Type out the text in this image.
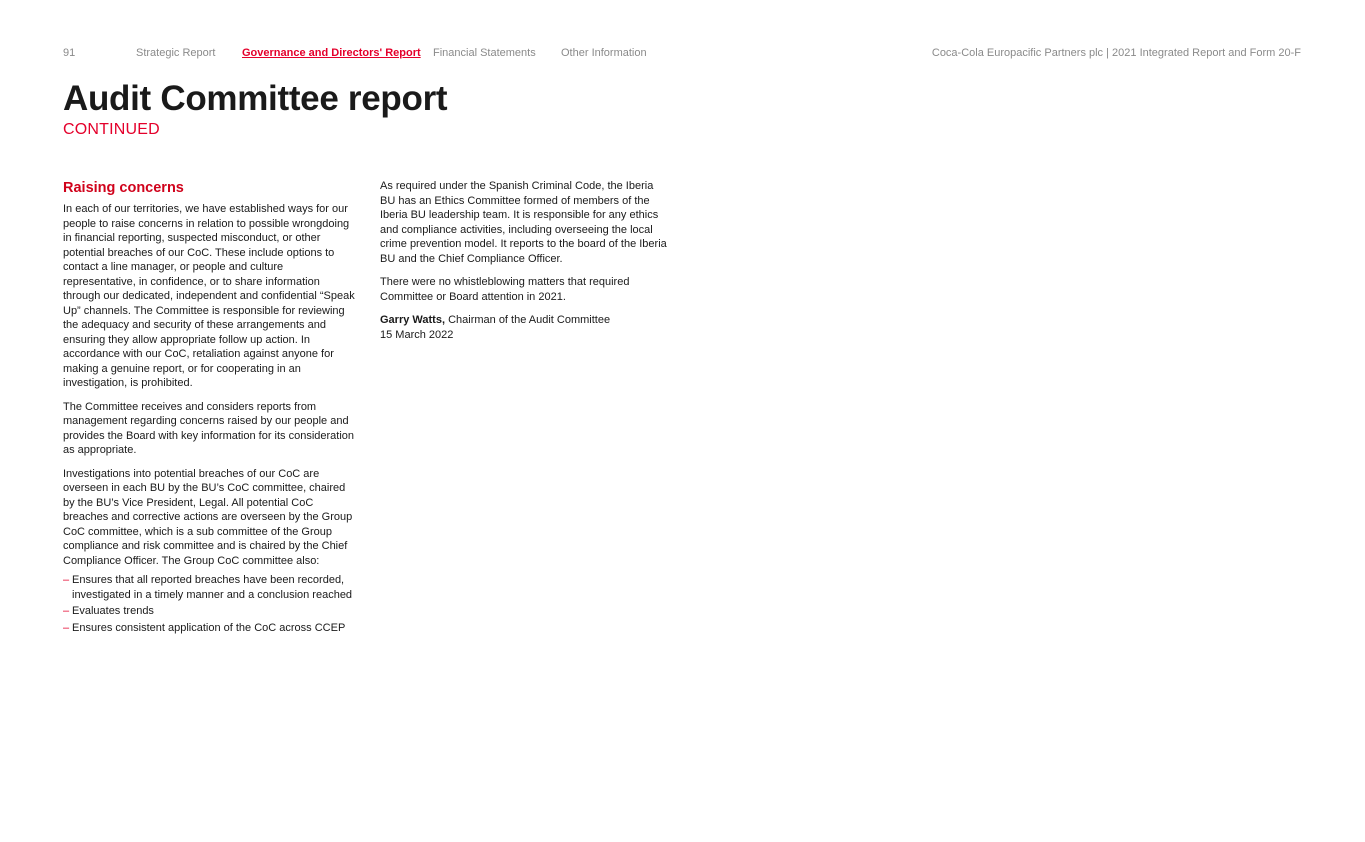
91	Strategic Report Governance and Directors' Report Financial Statements Other Information	Coca-Cola Europacific Partners plc | 2021 Integrated Report and Form 20-F
Audit Committee report
CONTINUED
Raising concerns

In each of our territories, we have established ways for our people to raise concerns in relation to possible wrongdoing in financial reporting, suspected misconduct, or other potential breaches of our CoC. These include options to contact a line manager, or people and culture representative, in confidence, or to share information through our dedicated, independent and confidential “Speak Up” channels. The Committee is responsible for reviewing the adequacy and security of these arrangements and ensuring they allow appropriate follow up action. In accordance with our CoC, retaliation against anyone for making a genuine report, or for cooperating in an investigation, is prohibited.

The Committee receives and considers reports from management regarding concerns raised by our people and provides the Board with key information for its consideration as appropriate.

Investigations into potential breaches of our CoC are overseen in each BU by the BU’s CoC committee, chaired by the BU’s Vice President, Legal. All potential CoC breaches and corrective actions are overseen by the Group CoC committee, which is a sub committee of the Group compliance and risk committee and is chaired by the Chief Compliance Officer. The Group CoC committee also:

– Ensures that all reported breaches have been recorded, investigated in a timely manner and a conclusion reached
– Evaluates trends
– Ensures consistent application of the CoC across CCEP

As required under the Spanish Criminal Code, the Iberia BU has an Ethics Committee formed of members of the Iberia BU leadership team. It is responsible for any ethics and compliance activities, including overseeing the local crime prevention model. It reports to the board of the Iberia BU and the Chief Compliance Officer.

There were no whistleblowing matters that required Committee or Board attention in 2021.

Garry Watts, Chairman of the Audit Committee
15 March 2022
